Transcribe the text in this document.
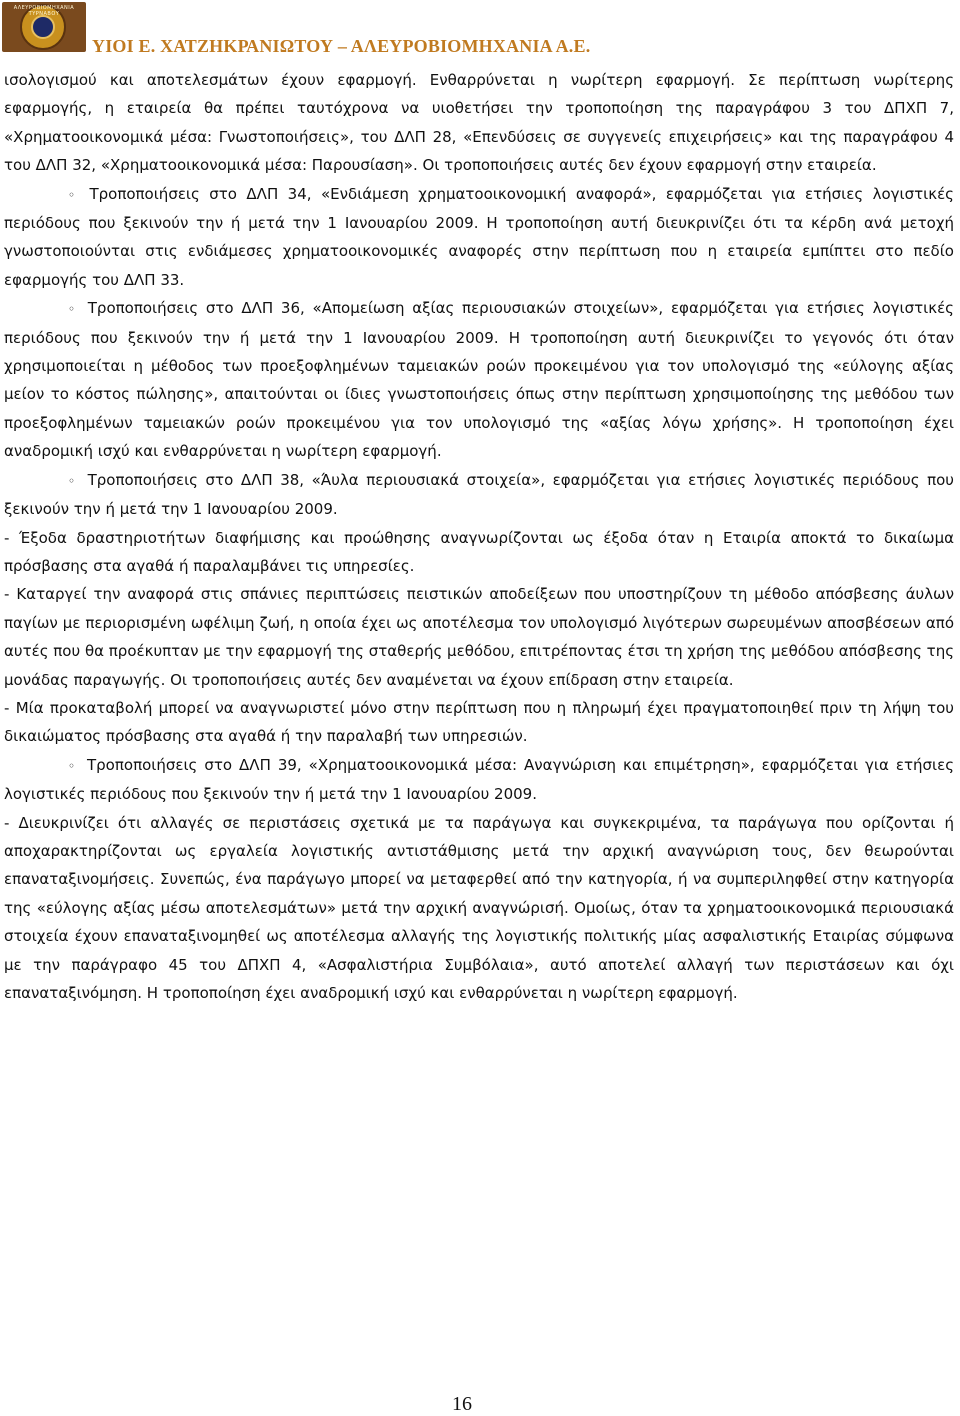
ΑΛΕΥΡΟΒΙΟΜΗΧΑΝΙΑ ΤΥΡΝΑΒΟΥ
ΥΙΟΙ Ε. ΧΑΤΖΗΚΡΑΝΙΩΤΟΥ – ΑΛΕΥΡΟΒΙΟΜΗΧΑΝΙΑ Α.Ε.

ισολογισμού και αποτελεσμάτων έχουν εφαρμογή. Ενθαρρύνεται η νωρίτερη εφαρμογή. Σε περίπτωση νωρίτερης εφαρμογής, η εταιρεία θα πρέπει ταυτόχρονα να υιοθετήσει την τροποποίηση της παραγράφου 3 του ΔΠΧΠ 7, «Χρηματοοικονομικά μέσα: Γνωστοποιήσεις», του ΔΛΠ 28, «Επενδύσεις σε συγγενείς επιχειρήσεις» και της παραγράφου 4 του ΔΛΠ 32, «Χρηματοοικονομικά μέσα: Παρουσίαση». Οι τροποποιήσεις αυτές δεν έχουν εφαρμογή στην εταιρεία.

◦ Τροποποιήσεις στο ΔΛΠ 34, «Ενδιάμεση χρηματοοικονομική αναφορά», εφαρμόζεται για ετήσιες λογιστικές περιόδους που ξεκινούν την ή μετά την 1 Ιανουαρίου 2009. Η τροποποίηση αυτή διευκρινίζει ότι τα κέρδη ανά μετοχή γνωστοποιούνται στις ενδιάμεσες χρηματοοικονομικές αναφορές στην περίπτωση που η εταιρεία εμπίπτει στο πεδίο εφαρμογής του ΔΛΠ 33.

◦ Τροποποιήσεις στο ΔΛΠ 36, «Απομείωση αξίας περιουσιακών στοιχείων», εφαρμόζεται για ετήσιες λογιστικές περιόδους που ξεκινούν την ή μετά την 1 Ιανουαρίου 2009. Η τροποποίηση αυτή διευκρινίζει το γεγονός ότι όταν χρησιμοποιείται η μέθοδος των προεξοφλημένων ταμειακών ροών προκειμένου για τον υπολογισμό της «εύλογης αξίας μείον το κόστος πώλησης», απαιτούνται οι ίδιες γνωστοποιήσεις όπως στην περίπτωση χρησιμοποίησης της μεθόδου των προεξοφλημένων ταμειακών ροών προκειμένου για τον υπολογισμό της «αξίας λόγω χρήσης». Η τροποποίηση έχει αναδρομική ισχύ και ενθαρρύνεται η νωρίτερη εφαρμογή.

◦ Τροποποιήσεις στο ΔΛΠ 38, «Άυλα περιουσιακά στοιχεία», εφαρμόζεται για ετήσιες λογιστικές περιόδους που ξεκινούν την ή μετά την 1 Ιανουαρίου 2009.

- Έξοδα δραστηριοτήτων διαφήμισης και προώθησης αναγνωρίζονται ως έξοδα όταν η Εταιρία αποκτά το δικαίωμα πρόσβασης στα αγαθά ή παραλαμβάνει τις υπηρεσίες.

- Καταργεί την αναφορά στις σπάνιες περιπτώσεις πειστικών αποδείξεων που υποστηρίζουν τη μέθοδο απόσβεσης άυλων παγίων με περιορισμένη ωφέλιμη ζωή, η οποία έχει ως αποτέλεσμα τον υπολογισμό λιγότερων σωρευμένων αποσβέσεων από αυτές που θα προέκυπταν με την εφαρμογή της σταθερής μεθόδου, επιτρέποντας έτσι τη χρήση της μεθόδου απόσβεσης της μονάδας παραγωγής. Οι τροποποιήσεις αυτές δεν αναμένεται να έχουν επίδραση στην εταιρεία.

- Μία προκαταβολή μπορεί να αναγνωριστεί μόνο στην περίπτωση που η πληρωμή έχει πραγματοποιηθεί πριν τη λήψη του δικαιώματος πρόσβασης στα αγαθά ή την παραλαβή των υπηρεσιών.

◦ Τροποποιήσεις στο ΔΛΠ 39, «Χρηματοοικονομικά μέσα: Αναγνώριση και επιμέτρηση», εφαρμόζεται για ετήσιες λογιστικές περιόδους που ξεκινούν την ή μετά την 1 Ιανουαρίου 2009.

- Διευκρινίζει ότι αλλαγές σε περιστάσεις σχετικά με τα παράγωγα και συγκεκριμένα, τα παράγωγα που ορίζονται ή αποχαρακτηρίζονται ως εργαλεία λογιστικής αντιστάθμισης μετά την αρχική αναγνώριση τους, δεν θεωρούνται επαναταξινομήσεις. Συνεπώς, ένα παράγωγο μπορεί να μεταφερθεί από την κατηγορία, ή να συμπεριληφθεί στην κατηγορία της «εύλογης αξίας μέσω αποτελεσμάτων» μετά την αρχική αναγνώρισή. Ομοίως, όταν τα χρηματοοικονομικά περιουσιακά στοιχεία έχουν επαναταξινομηθεί ως αποτέλεσμα αλλαγής της λογιστικής πολιτικής μίας ασφαλιστικής Εταιρίας σύμφωνα με την παράγραφο 45 του ΔΠΧΠ 4, «Ασφαλιστήρια Συμβόλαια», αυτό αποτελεί αλλαγή των περιστάσεων και όχι επαναταξινόμηση. Η τροποποίηση έχει αναδρομική ισχύ και ενθαρρύνεται η νωρίτερη εφαρμογή.

16
